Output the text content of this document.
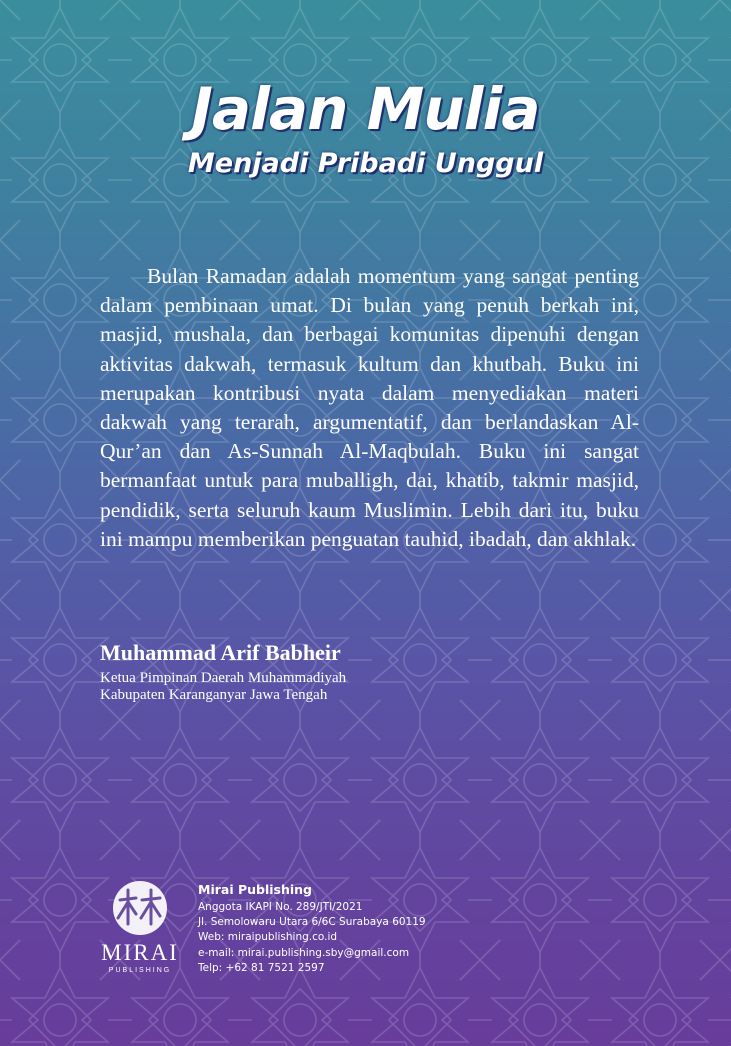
Jalan Mulia
Menjadi Pribadi Unggul

Bulan Ramadan adalah momentum yang sangat penting dalam pembinaan umat. Di bulan yang penuh berkah ini, masjid, mushala, dan berbagai komunitas dipenuhi dengan aktivitas dakwah, termasuk kultum dan khutbah. Buku ini merupakan kontribusi nyata dalam menyediakan materi dakwah yang terarah, argumentatif, dan berlandaskan Al-Qur’an dan As-Sunnah Al-Maqbulah. Buku ini sangat bermanfaat untuk para muballigh, dai, khatib, takmir masjid, pendidik, serta seluruh kaum Muslimin. Lebih dari itu, buku ini mampu memberikan penguatan tauhid, ibadah, dan akhlak.

Muhammad Arif Babheir
Ketua Pimpinan Daerah Muhammadiyah
Kabupaten Karanganyar Jawa Tengah
MIRAI
PUBLISHING
Mirai Publishing
Anggota IKAPI No. 289/JTI/2021
Jl. Semolowaru Utara 6/6C Surabaya 60119
Web: miraipublishing.co.id
e-mail: mirai.publishing.sby@gmail.com
Telp: +62 81 7521 2597
